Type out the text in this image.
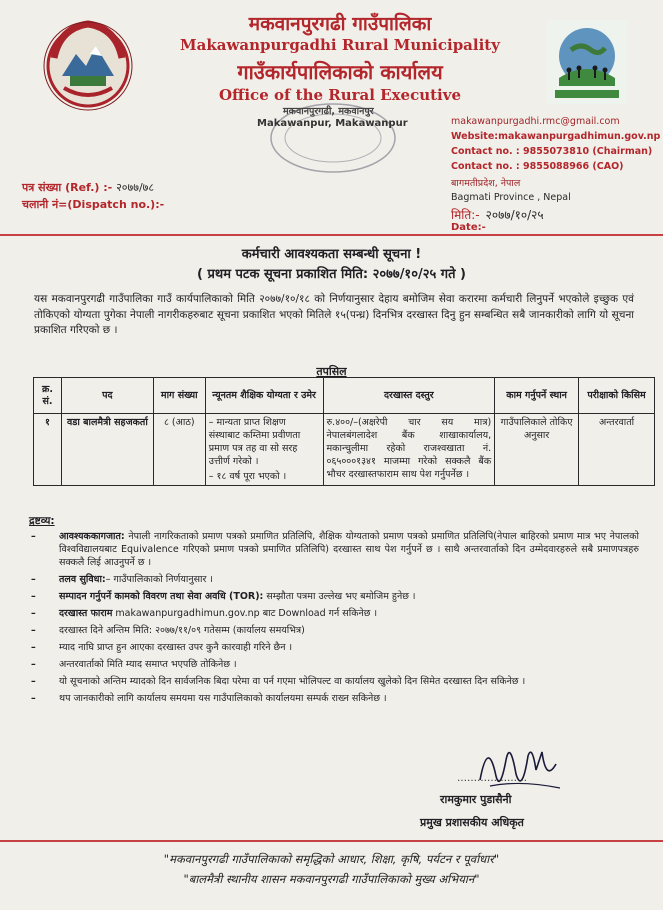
मकवानपुरगढी गाउँपालिका
Makawanpurgadhi Rural Municipality
गाउँकार्यपालिकाको कार्यालय
Office of the Rural Executive
मकवानपुरगढी, मकवानपुर
Makawanpur, Makawanpur	makawanpurgadhi.rmc@gmail.com
Website:makawanpurgadhimun.gov.np
Contact no. : 9855073810 (Chairman)
Contact no. : 9855088966 (CAO)
बागमतीप्रदेश, नेपाल
Bagmati Province , Nepal
मिति:- २०७७/१०/२५
Date:-
पत्र संख्या (Ref.) :- २०७७/७८
चलानी नं=(Dispatch no.):-
कर्मचारी आवश्यकता सम्बन्धी सूचना !
( प्रथम पटक सूचना प्रकाशित मिति: २०७७/१०/२५ गते )
यस मकवानपुरगढी गाउँपालिका गाउँ कार्यपालिकाको मिति २०७७/१०/१८ को निर्णयानुसार देहाय बमोजिम सेवा करारमा कर्मचारी लिनुपर्ने भएकोले इच्छुक एवं तोकिएको योग्यता पुगेका नेपाली नागरीकहरुबाट सूचना प्रकाशित भएको मितिले १५(पन्ध्र) दिनभित्र दरखास्त दिनु हुन सम्बन्धित सबै जानकारीको लागि यो सूचना प्रकाशित गरिएको छ ।
तपसिल
क्र. सं.	पद	माग संख्या	न्यूनतम शैक्षिक योग्यता र उमेर	दरखास्त दस्तुर	काम गर्नुपर्ने स्थान	परीक्षाको किसिम
१	वडा बालमैत्री सहजकर्ता	८ (आठ)	– मान्यता प्राप्त शिक्षण संस्थाबाट कम्तिमा प्रवीणता प्रमाण पत्र तह वा सो सरह उत्तीर्ण गरेको ।
– १८ वर्ष पूरा भएको ।	रु.४००/–(अक्षरेपी चार सय मात्र) नेपालबंगलादेश बैंक शाखाकार्यालय, मकान्चुलीमा रहेको राजश्वखाता नं. ०६५०००१३४१ माजम्मा गरेको सक्कलै बैंक भौचर दरखास्तफाराम साथ पेश गर्नुपर्नेछ ।	गाउँपालिकाले तोकिए अनुसार	अन्तरवार्ता
द्रष्टव्य:
– आवश्यककागजात: नेपाली नागरिकताको प्रमाण पत्रको प्रमाणित प्रतिलिपि, शैक्षिक योग्यताको प्रमाण पत्रको प्रमाणित प्रतिलिपि(नेपाल बाहिरको प्रमाण मात्र भए नेपालको विश्वविद्यालयबाट Equivalence गरिएको प्रमाण पत्रको प्रमाणित प्रतिलिपि) दरखास्त साथ पेश गर्नुपर्ने छ । साथै अन्तरवार्ताको दिन उम्मेदवारहरुले सबै प्रमाणपत्रहरु सक्कलै लिई आउनुपर्ने छ ।
– तलव सुविधा:– गाउँपालिकाको निर्णयानुसार ।
– सम्पादन गर्नुपर्ने कामको विवरण तथा सेवा अवधि (TOR): सम्झौता पत्रमा उल्लेख भए बमोजिम हुनेछ ।
– दरखास्त फाराम makawanpurgadhimun.gov.np बाट Download गर्न सकिनेछ ।
– दरखास्त दिने अन्तिम मिति: २०७७/११/०९ गतेसम्म (कार्यालय समयभित्र)
– म्याद नाघि प्राप्त हुन आएका दरखास्त उपर कुनै कारवाही गरिने छैन ।
– अन्तरवार्ताको मिति म्याद समाप्त भएपछि तोकिनेछ ।
– यो सूचनाको अन्तिम म्यादको दिन सार्वजनिक बिदा परेमा वा पर्न गएमा भोलिपल्ट वा कार्यालय खुलेको दिन सिमेत दरखास्त दिन सकिनेछ ।
– थप जानकारीको लागि कार्यालय समयमा यस गाउँपालिकाको कार्यालयमा सम्पर्क राख्न सकिनेछ ।
…………………
रामकुमार पुडासैनी
प्रमुख प्रशासकीय अधिकृत
"मकवानपुरगढी गाउँपालिकाको समृद्धिको आधार, शिक्षा, कृषि, पर्यटन र पूर्वाधार"
"बालमैत्री स्थानीय शासन मकवानपुरगढी गाउँपालिकाको मुख्य अभियान"
